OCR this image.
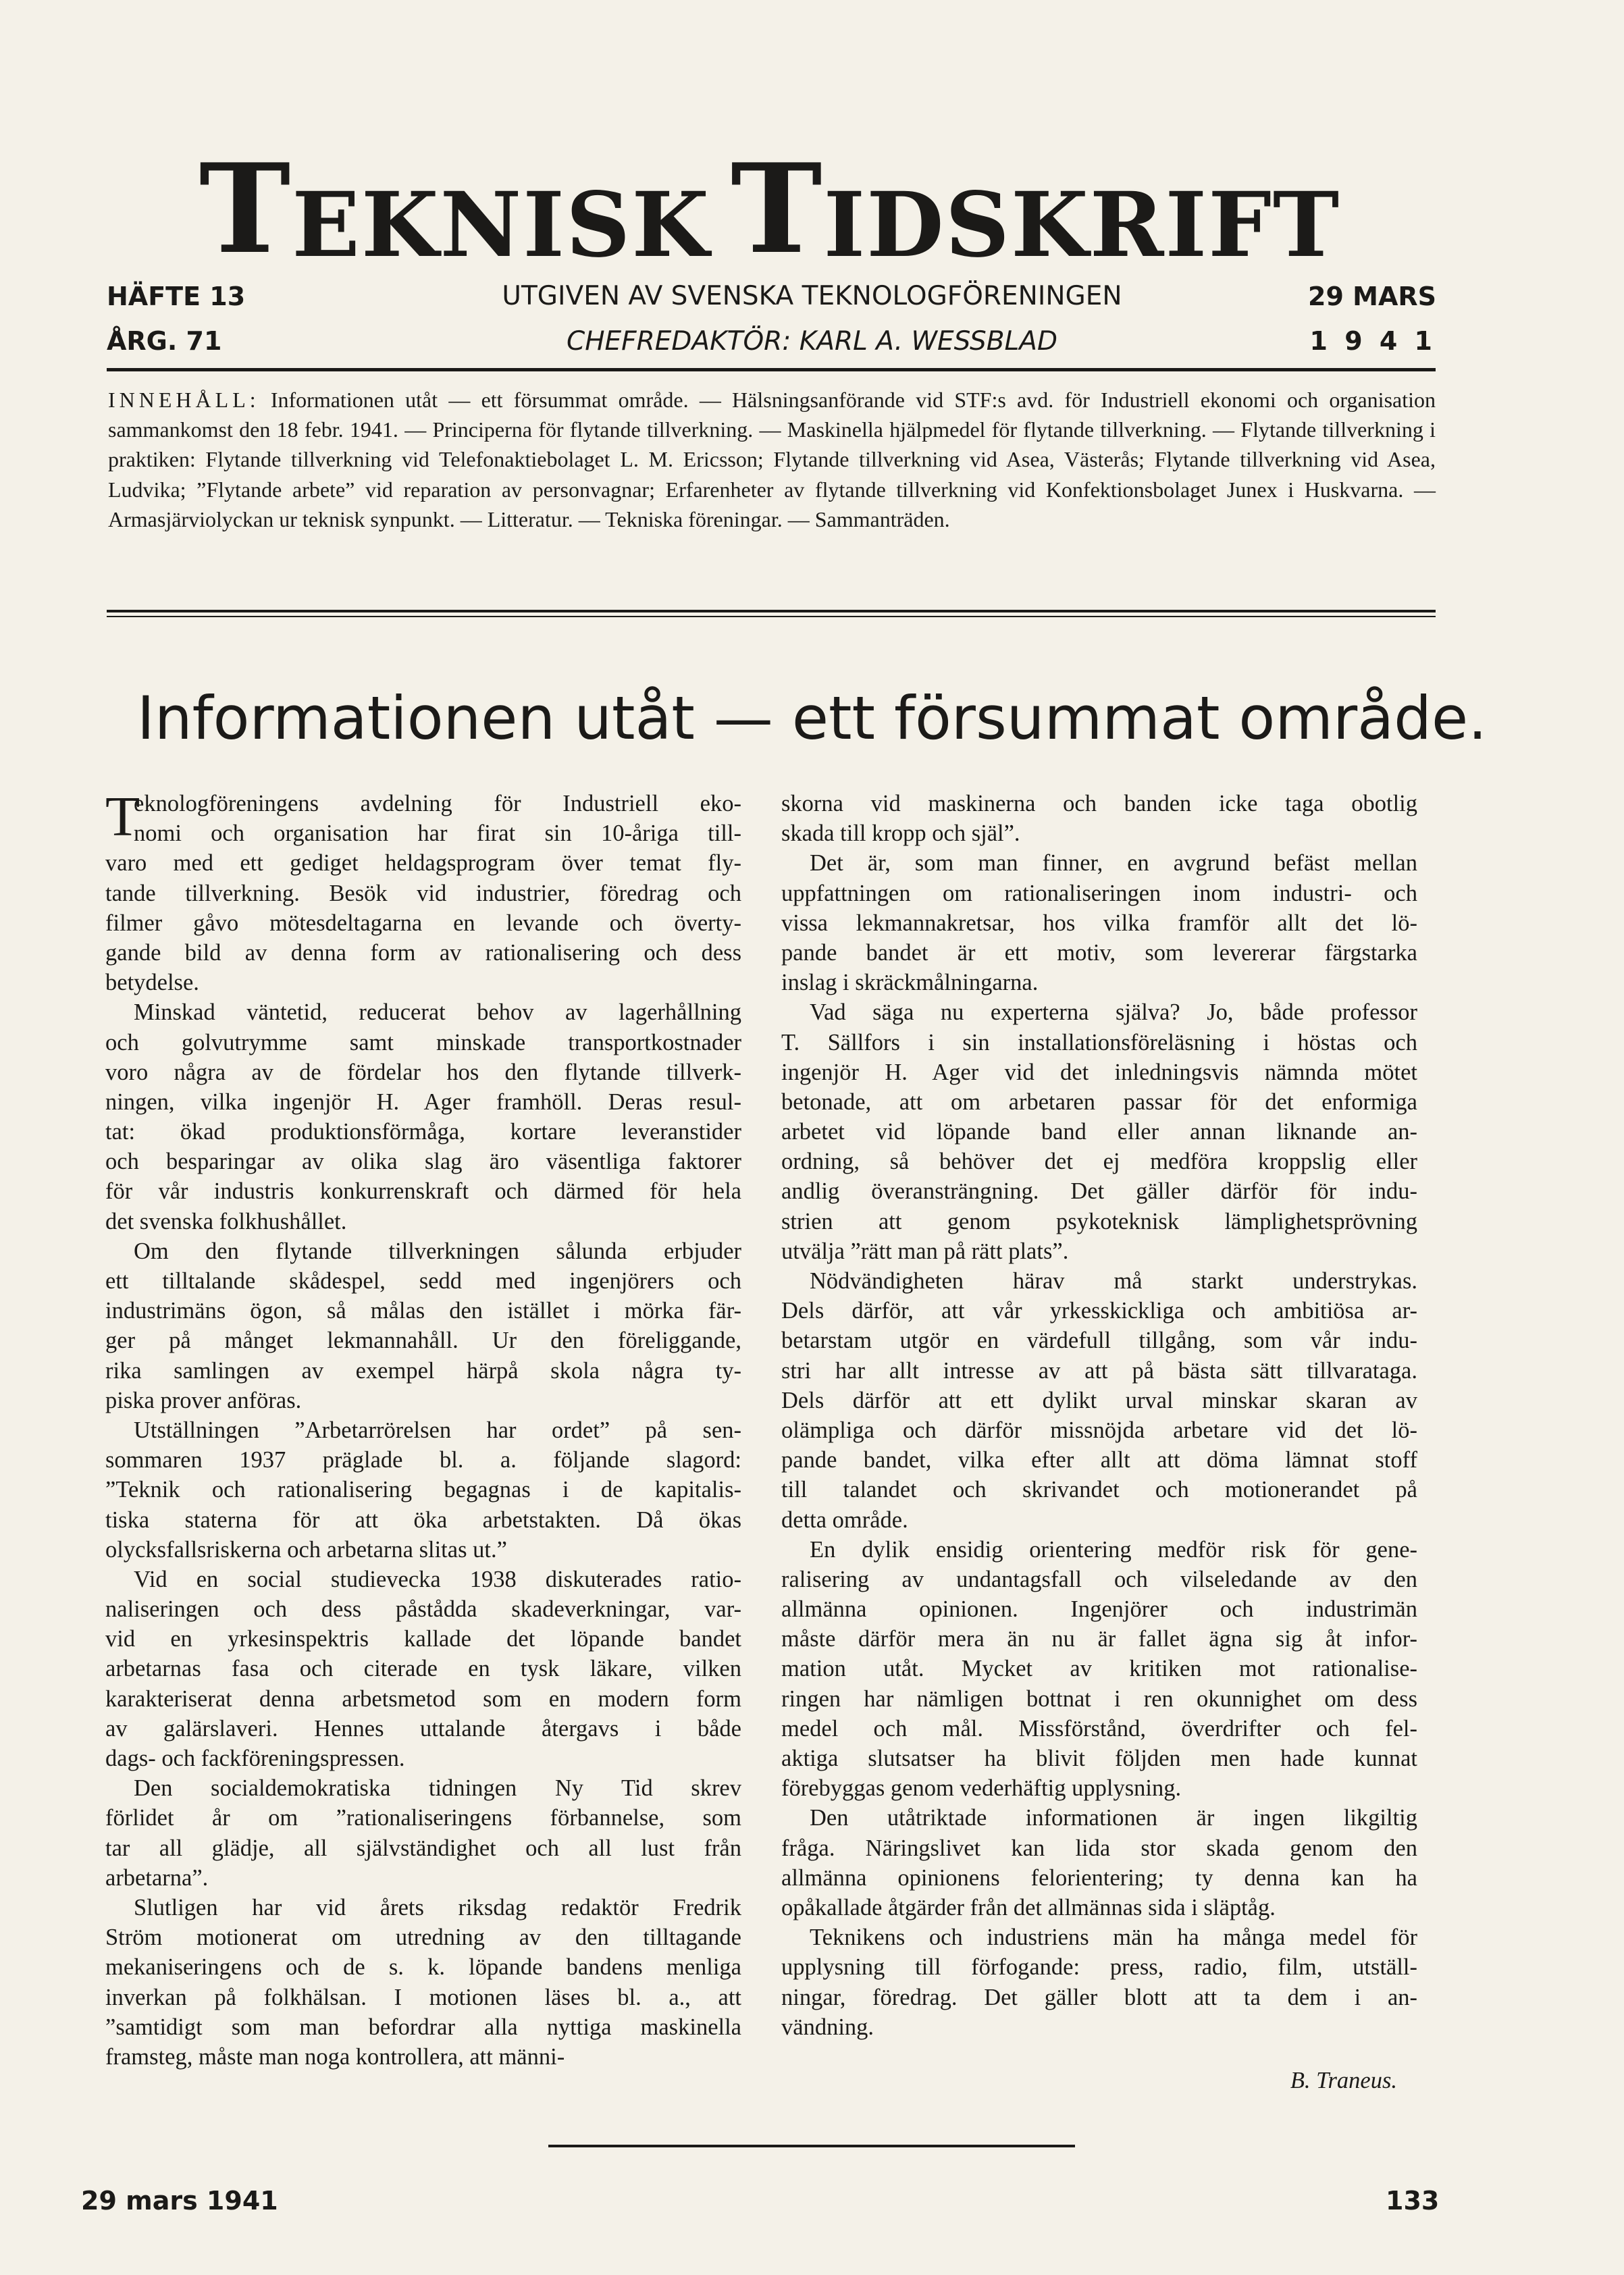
T EKNISK T IDSKRIFT
HÄFTE 13
ÅRG. 71
UTGIVEN AV SVENSKA TEKNOLOGFÖRENINGEN
CHEFREDAKTÖR: KARL A. WESSBLAD
29 MARS
1 9 4 1
INNEHÅLL: Informationen utåt — ett försummat område. — Hälsningsanförande vid STF:s avd. för Industriell ekonomi och organisation sammankomst den 18 febr. 1941. — Principerna för flytande tillverkning. — Maskinella hjälpmedel för flytande tillverkning. — Flytande tillverkning i praktiken: Flytande tillverkning vid Telefonaktiebolaget L. M. Ericsson; Flytande tillverkning vid Asea, Västerås; Flytande tillverkning vid Asea, Ludvika; ”Flytande arbete” vid reparation av personvagnar; Erfarenheter av flytande tillverkning vid Konfektionsbolaget Junex i Huskvarna. — Armasjärviolyckan ur teknisk synpunkt. — Litteratur. — Tekniska föreningar. — Sammanträden.
Informationen utåt — ett försummat område.
T
eknologföreningens avdelning för Industriell eko-
nomi och organisation har firat sin 10-åriga till-
varo med ett gediget heldagsprogram över temat fly-
tande tillverkning. Besök vid industrier, föredrag och
filmer gåvo mötesdeltagarna en levande och överty-
gande bild av denna form av rationalisering och dess
betydelse.
Minskad väntetid, reducerat behov av lagerhållning
och golvutrymme samt minskade transportkostnader
voro några av de fördelar hos den flytande tillverk-
ningen, vilka ingenjör H. Ager framhöll. Deras resul-
tat: ökad produktionsförmåga, kortare leveranstider
och besparingar av olika slag äro väsentliga faktorer
för vår industris konkurrenskraft och därmed för hela
det svenska folkhushållet.
Om den flytande tillverkningen sålunda erbjuder
ett tilltalande skådespel, sedd med ingenjörers och
industrimäns ögon, så målas den istället i mörka fär-
ger på månget lekmannahåll. Ur den föreliggande,
rika samlingen av exempel härpå skola några ty-
piska prover anföras.
Utställningen ”Arbetarrörelsen har ordet” på sen-
sommaren 1937 präglade bl. a. följande slagord:
”Teknik och rationalisering begagnas i de kapitalis-
tiska staterna för att öka arbetstakten. Då ökas
olycksfallsriskerna och arbetarna slitas ut.”
Vid en social studievecka 1938 diskuterades ratio-
naliseringen och dess påstådda skadeverkningar, var-
vid en yrkesinspektris kallade det löpande bandet
arbetarnas fasa och citerade en tysk läkare, vilken
karakteriserat denna arbetsmetod som en modern form
av galärslaveri. Hennes uttalande återgavs i både
dags- och fackföreningspressen.
Den socialdemokratiska tidningen Ny Tid skrev
förlidet år om ”rationaliseringens förbannelse, som
tar all glädje, all självständighet och all lust från
arbetarna”.
Slutligen har vid årets riksdag redaktör Fredrik
Ström motionerat om utredning av den tilltagande
mekaniseringens och de s. k. löpande bandens menliga
inverkan på folkhälsan. I motionen läses bl. a., att
”samtidigt som man befordrar alla nyttiga maskinella
framsteg, måste man noga kontrollera, att männi-
skorna vid maskinerna och banden icke taga obotlig
skada till kropp och själ”.
Det är, som man finner, en avgrund befäst mellan
uppfattningen om rationaliseringen inom industri- och
vissa lekmannakretsar, hos vilka framför allt det lö-
pande bandet är ett motiv, som levererar färgstarka
inslag i skräckmålningarna.
Vad säga nu experterna själva? Jo, både professor
T. Sällfors i sin installationsföreläsning i höstas och
ingenjör H. Ager vid det inledningsvis nämnda mötet
betonade, att om arbetaren passar för det enformiga
arbetet vid löpande band eller annan liknande an-
ordning, så behöver det ej medföra kroppslig eller
andlig överansträngning. Det gäller därför för indu-
strien att genom psykoteknisk lämplighetsprövning
utvälja ”rätt man på rätt plats”.
Nödvändigheten härav må starkt understrykas.
Dels därför, att vår yrkesskickliga och ambitiösa ar-
betarstam utgör en värdefull tillgång, som vår indu-
stri har allt intresse av att på bästa sätt tillvarataga.
Dels därför att ett dylikt urval minskar skaran av
olämpliga och därför missnöjda arbetare vid det lö-
pande bandet, vilka efter allt att döma lämnat stoff
till talandet och skrivandet och motionerandet på
detta område.
En dylik ensidig orientering medför risk för gene-
ralisering av undantagsfall och vilseledande av den
allmänna opinionen. Ingenjörer och industrimän
måste därför mera än nu är fallet ägna sig åt infor-
mation utåt. Mycket av kritiken mot rationalise-
ringen har nämligen bottnat i ren okunnighet om dess
medel och mål. Missförstånd, överdrifter och fel-
aktiga slutsatser ha blivit följden men hade kunnat
förebyggas genom vederhäftig upplysning.
Den utåtriktade informationen är ingen likgiltig
fråga. Näringslivet kan lida stor skada genom den
allmänna opinionens felorientering; ty denna kan ha
opåkallade åtgärder från det allmännas sida i släptåg.
Teknikens och industriens män ha många medel för
upplysning till förfogande: press, radio, film, utställ-
ningar, föredrag. Det gäller blott att ta dem i an-
vändning.
B. Traneus.
29 mars 1941	133
